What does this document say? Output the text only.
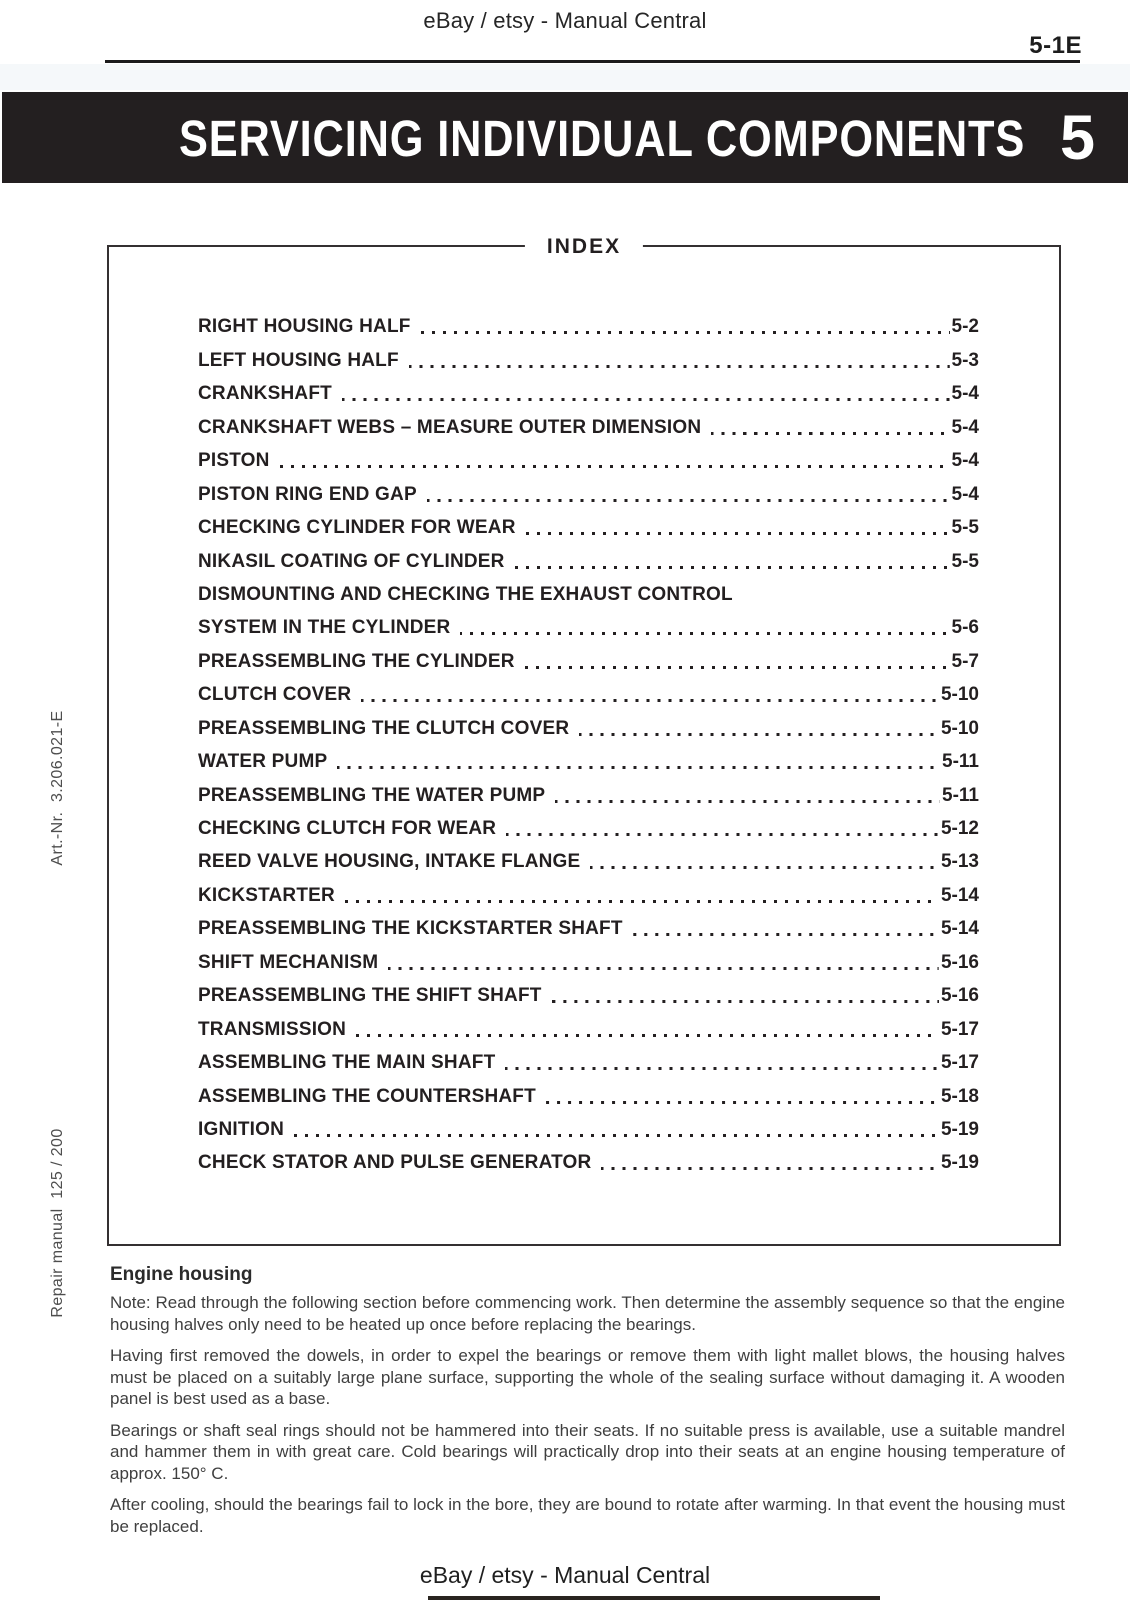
eBay / etsy - Manual Central
5-1E
SERVICING INDIVIDUAL COMPONENTS 5
Art.-Nr.  3.206.021-E
Repair manual  125 / 200
INDEX
RIGHT HOUSING HALF	5-2
LEFT HOUSING HALF	5-3
CRANKSHAFT	5-4
CRANKSHAFT WEBS – MEASURE OUTER DIMENSION	5-4
PISTON	5-4
PISTON RING END GAP	5-4
CHECKING CYLINDER FOR WEAR	5-5
NIKASIL COATING OF CYLINDER	5-5
DISMOUNTING AND CHECKING THE EXHAUST CONTROL
SYSTEM IN THE CYLINDER	5-6
PREASSEMBLING THE CYLINDER	5-7
CLUTCH COVER	5-10
PREASSEMBLING THE CLUTCH COVER	5-10
WATER PUMP	5-11
PREASSEMBLING THE WATER PUMP	5-11
CHECKING CLUTCH FOR WEAR	5-12
REED VALVE HOUSING, INTAKE FLANGE	5-13
KICKSTARTER	5-14
PREASSEMBLING THE KICKSTARTER SHAFT	5-14
SHIFT MECHANISM	5-16
PREASSEMBLING THE SHIFT SHAFT	5-16
TRANSMISSION	5-17
ASSEMBLING THE MAIN SHAFT	5-17
ASSEMBLING THE COUNTERSHAFT	5-18
IGNITION	5-19
CHECK STATOR AND PULSE GENERATOR	5-19
Engine housing

Note: Read through the following section before commencing work. Then determine the assembly sequence so that the engine housing halves only need to be heated up once before replacing the bearings.

Having first removed the dowels, in order to expel the bearings or remove them with light mallet blows, the housing halves must be placed on a suitably large plane surface, supporting the whole of the sealing surface without damaging it. A wooden panel is best used as a base.

Bearings or shaft seal rings should not be hammered into their seats. If no suitable press is available, use a suitable mandrel and hammer them in with great care. Cold bearings will practically drop into their seats at an engine housing temperature of approx. 150° C.

After cooling, should the bearings fail to lock in the bore, they are bound to rotate after warming. In that event the housing must be replaced.

eBay / etsy - Manual Central
